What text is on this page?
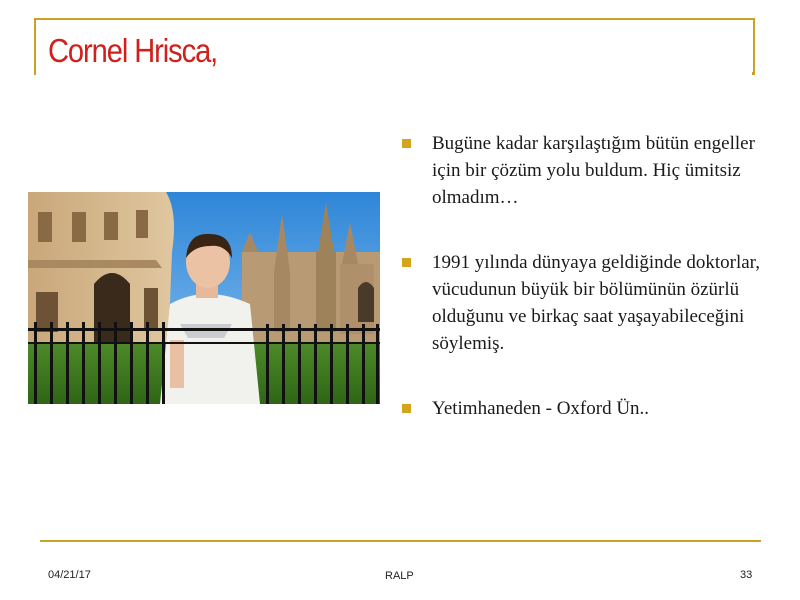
Cornel Hrisca,
Bugüne kadar karşılaştığım bütün engeller için bir çözüm yolu buldum. Hiç ümitsiz olmadım…
1991 yılında dünyaya geldiğinde doktorlar, vücudunun büyük bir bölümünün özürlü olduğunu ve birkaç saat yaşayabileceğini söylemiş.
Yetimhaneden - Oxford Ün..
04/21/17	RALP	33
